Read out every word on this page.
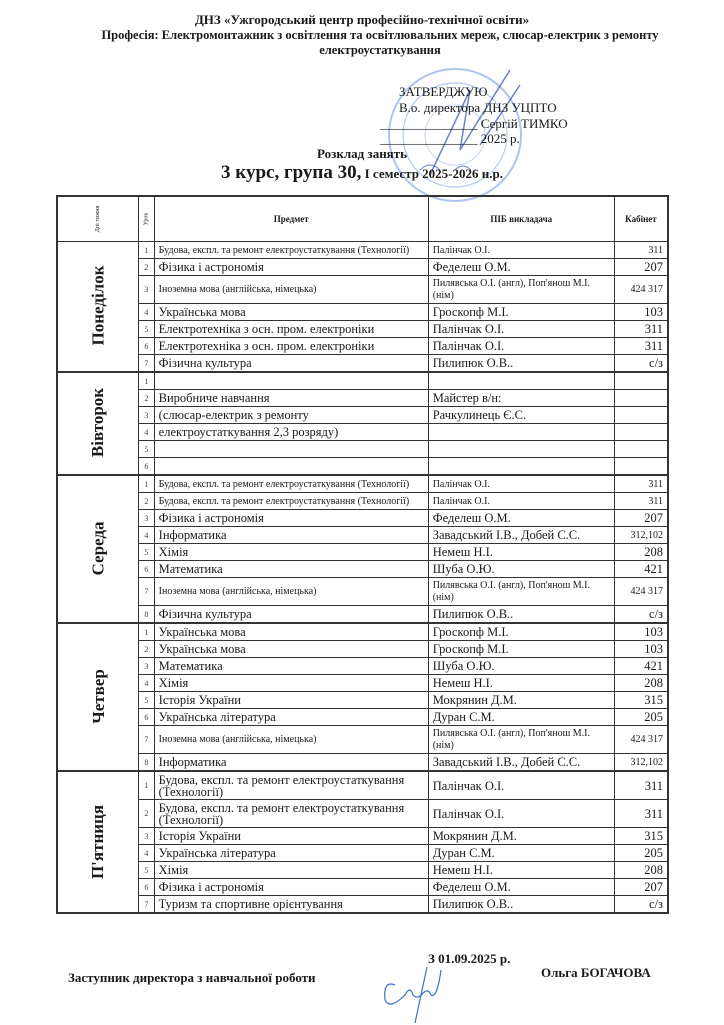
ДНЗ «Ужгородський центр професійно-технічної освіти»
Професія: Електромонтажник з освітлення та освітлювальних мереж, слюсар-електрик з ремонту електроустаткування
ЗАТВЕРДЖУЮ
В.о. директора ДНЗ УЦПТО
_______________ Сергій ТИМКО
_______________ 2025 р.
Розклад занять
3 курс, група 30, I семестр 2025-2026 н.р.
Дні тижня	Урок	Предмет	ПІБ викладача	Кабінет
Понеділок	1	Будова, експл. та ремонт електроустаткування (Технології)	Палінчак О.І.	311
	2	Фізика і астрономія	Феделеш О.М.	207
	3	Іноземна мова (англійська, німецька)	Пилявська О.І. (англ), Поп'янош М.І.(нім)	424 317
	4	Українська мова	Гроскопф М.І.	103
	5	Електротехніка з осн. пром. електроніки	Палінчак О.І.	311
	6	Електротехніка з осн. пром. електроніки	Палінчак О.І.	311
	7	Фізична культура	Пилипюк О.В..	с/з
Вівторок	1			
	2	Виробниче навчання	Майстер в/н:	
	3	(слюсар-електрик з ремонту	Рачкулинець Є.С.	
	4	електроустаткування 2,3 розряду)		
	5			
	6			
Середа	1	Будова, експл. та ремонт електроустаткування (Технології)	Палінчак О.І.	311
	2	Будова, експл. та ремонт електроустаткування (Технології)	Палінчак О.І.	311
	3	Фізика і астрономія	Феделеш О.М.	207
	4	Інформатика	Завадський І.В., Добей С.С.	312,102
	5	Хімія	Немеш Н.І.	208
	6	Математика	Шуба О.Ю.	421
	7	Іноземна мова (англійська, німецька)	Пилявська О.І. (англ), Поп'янош М.І.(нім)	424 317
	8	Фізична культура	Пилипюк О.В..	с/з
Четвер	1	Українська мова	Гроскопф М.І.	103
	2	Українська мова	Гроскопф М.І.	103
	3	Математика	Шуба О.Ю.	421
	4	Хімія	Немеш Н.І.	208
	5	Історія України	Мокрянин Д.М.	315
	6	Українська література	Дуран С.М.	205
	7	Іноземна мова (англійська, німецька)	Пилявська О.І. (англ), Поп'янош М.І.(нім)	424 317
	8	Інформатика	Завадський І.В., Добей С.С.	312,102
П'ятниця	1	Будова, експл. та ремонт електроустаткування (Технології)	Палінчак О.І.	311
	2	Будова, експл. та ремонт електроустаткування (Технології)	Палінчак О.І.	311
	3	Історія України	Мокрянин Д.М.	315
	4	Українська література	Дуран С.М.	205
	5	Хімія	Немеш Н.І.	208
	6	Фізика і астрономія	Феделеш О.М.	207
	7	Туризм та спортивне орієнтування	Пилипюк О.В..	с/з
З 01.09.2025 р.
Заступник директора з навчальної роботи	Ольга БОГАЧОВА
